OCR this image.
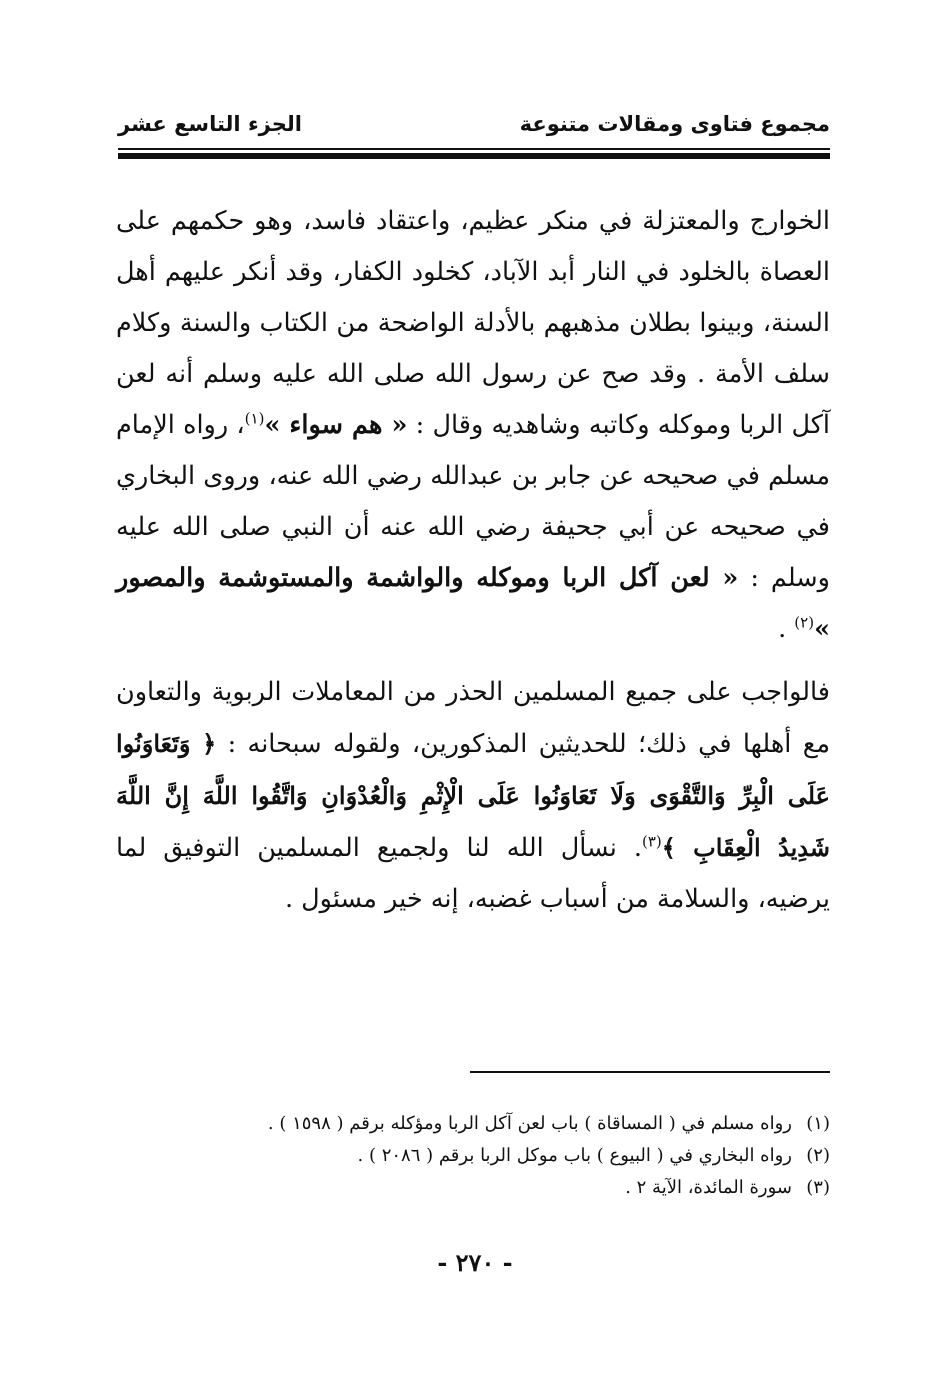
مجموع فتاوى ومقالات متنوعة
الجزء التاسع عشر

الخوارج والمعتزلة في منكر عظيم، واعتقاد فاسد، وهو حكمهم على العصاة بالخلود في النار أبد الآباد، كخلود الكفار، وقد أنكر عليهم أهل السنة، وبينوا بطلان مذهبهم بالأدلة الواضحة من الكتاب والسنة وكلام سلف الأمة . وقد صح عن رسول الله صلى الله عليه وسلم أنه لعن آكل الربا وموكله وكاتبه وشاهديه وقال : « هم سواء »$^{(١)}$، رواه الإمام مسلم في صحيحه عن جابر بن عبدالله رضي الله عنه، وروى البخاري في صحيحه عن أبي جحيفة رضي الله عنه أن النبي صلى الله عليه وسلم : « لعن آكل الربا وموكله والواشمة والمستوشمة والمصور »$^{(٢)}$ .

فالواجب على جميع المسلمين الحذر من المعاملات الربوية والتعاون مع أهلها في ذلك؛ للحديثين المذكورين، ولقوله سبحانه : ﴿ وَتَعَاوَنُوا عَلَى الْبِرِّ وَالتَّقْوَى وَلَا تَعَاوَنُوا عَلَى الْإِثْمِ وَالْعُدْوَانِ وَاتَّقُوا اللَّهَ إِنَّ اللَّهَ شَدِيدُ الْعِقَابِ ﴾$^{(٣)}$. نسأل الله لنا ولجميع المسلمين التوفيق لما يرضيه، والسلامة من أسباب غضبه، إنه خير مسئول .

(١)رواه مسلم في ( المساقاة ) باب لعن آكل الربا ومؤكله برقم ( ١٥٩٨ ) .

(٢)رواه البخاري في ( البيوع ) باب موكل الربا برقم ( ٢٠٨٦ ) .

(٣)سورة المائدة، الآية ٢ .

- ٢٧٠ -
